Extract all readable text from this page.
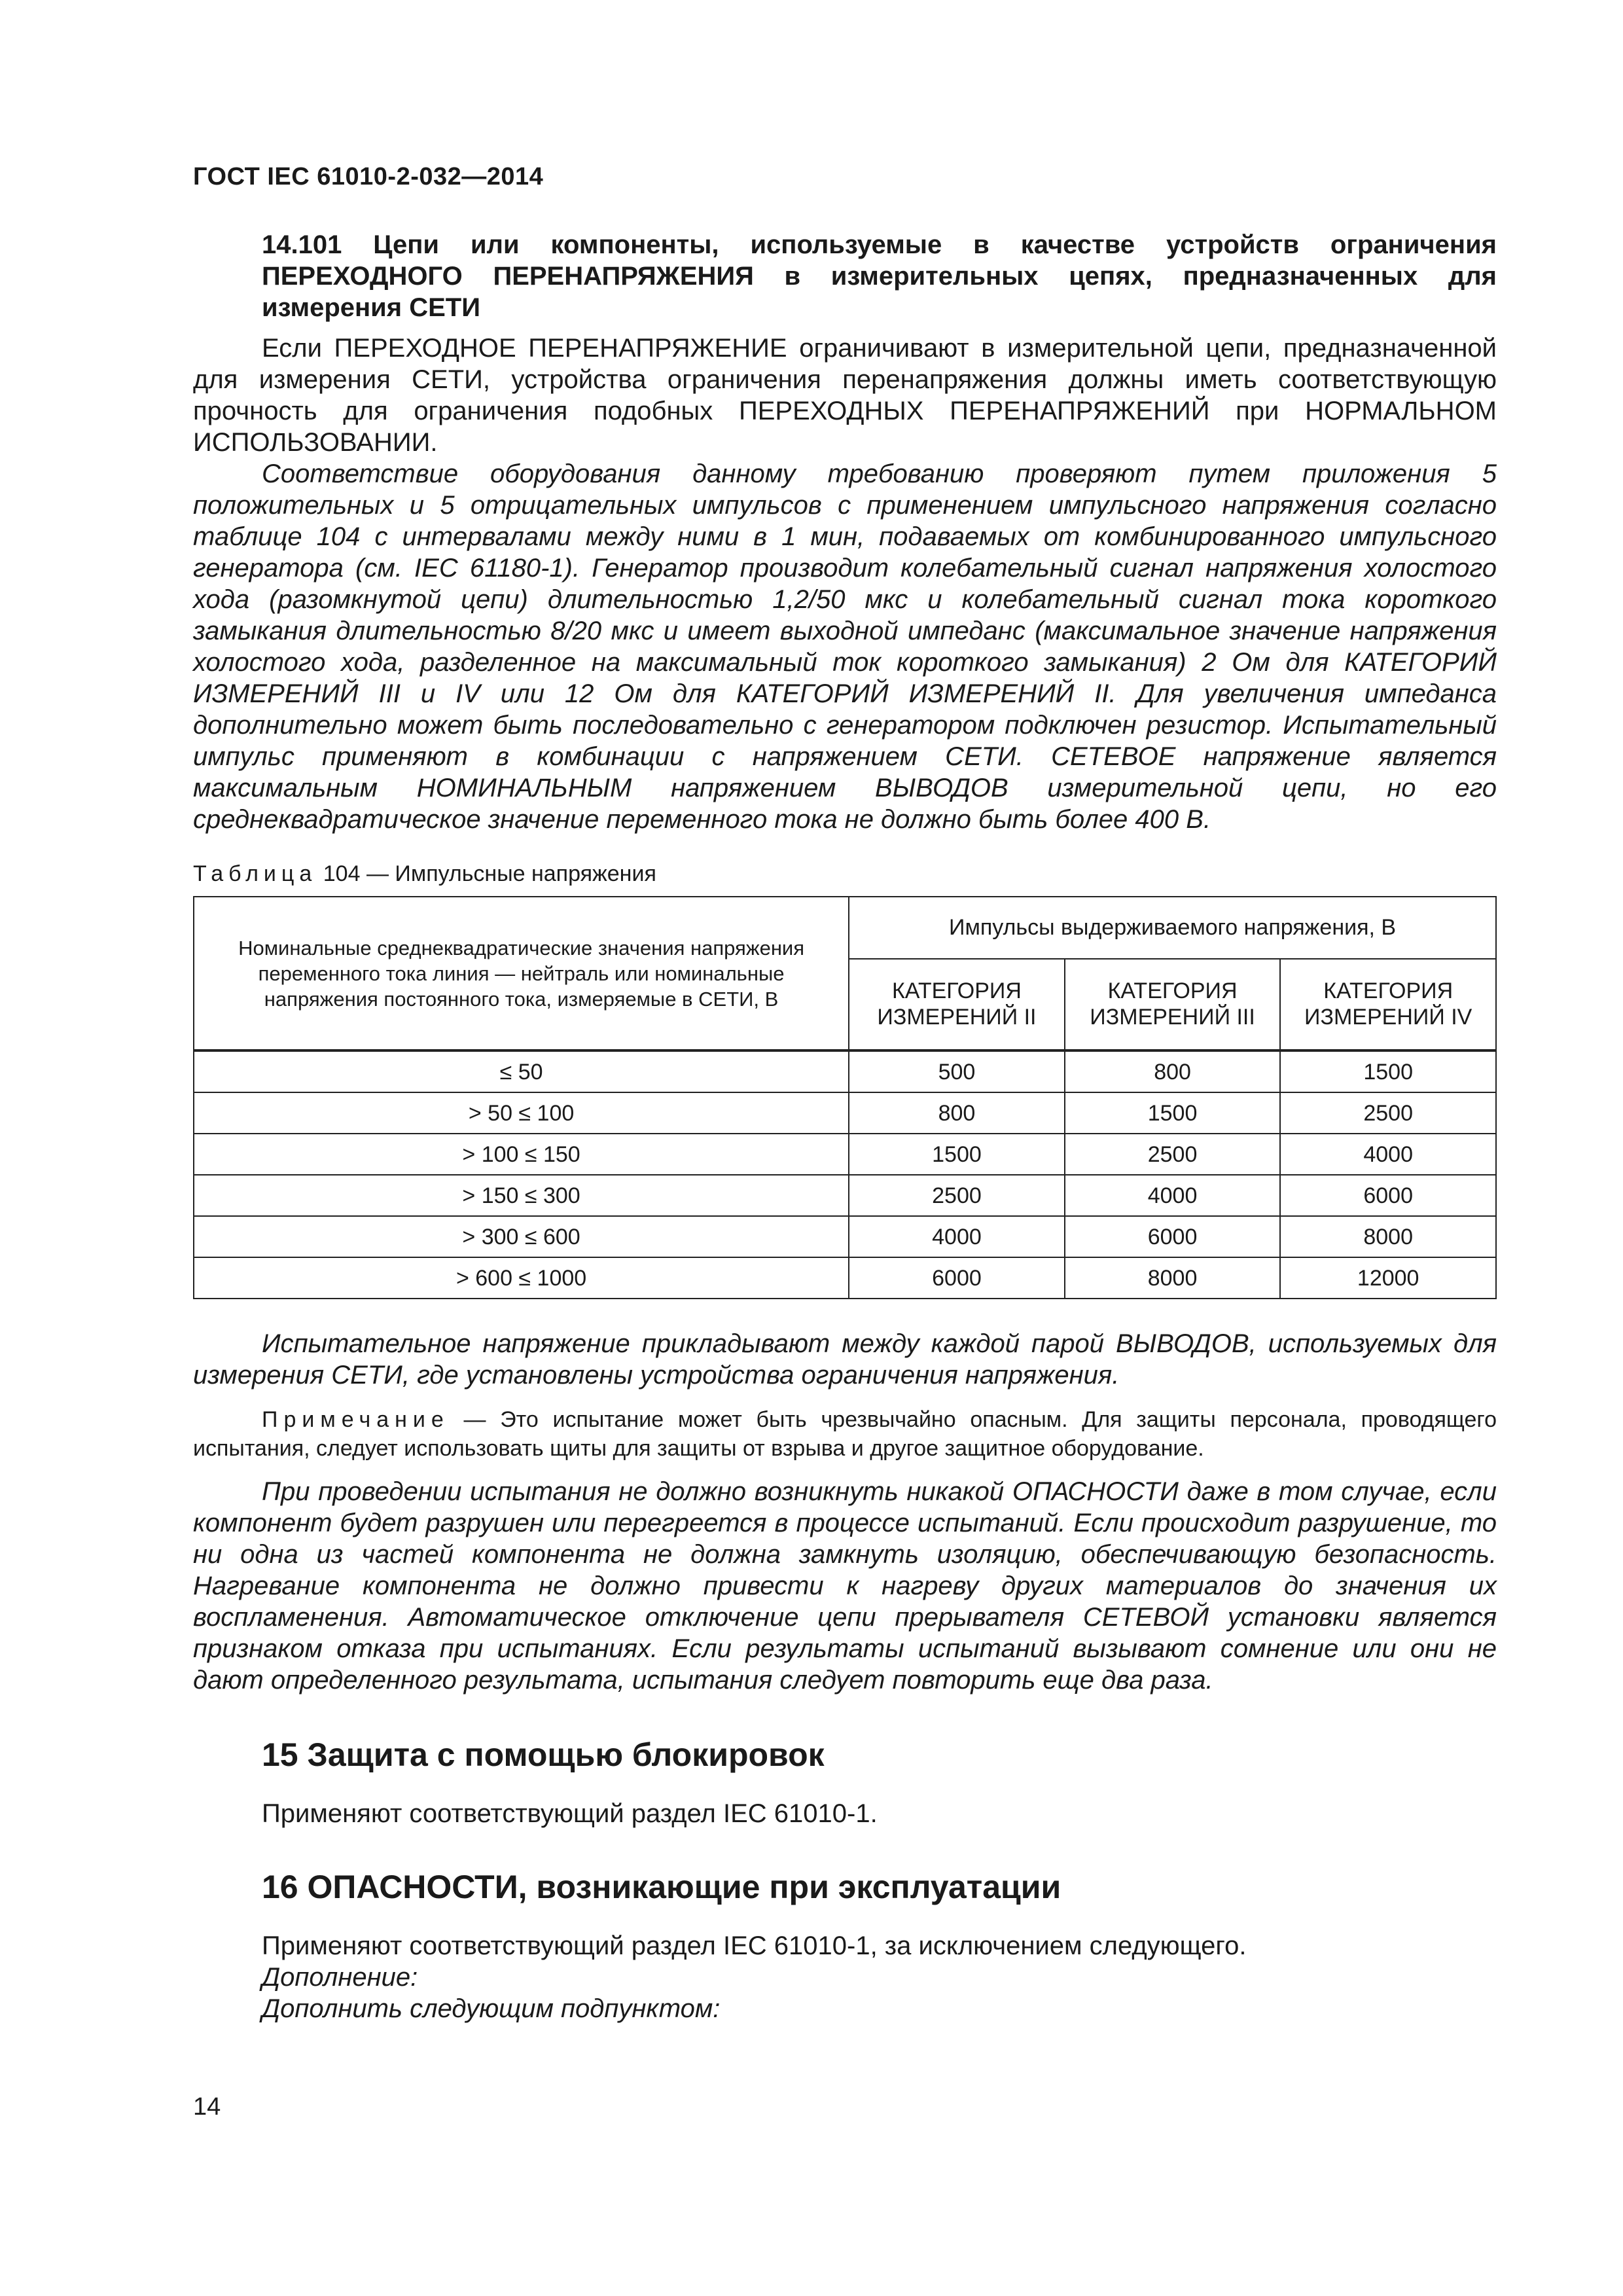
ГОСТ IEC 61010-2-032—2014

14.101 Цепи или компоненты, используемые в качестве устройств ограничения ПЕРЕХОДНОГО ПЕРЕНАПРЯЖЕНИЯ в измерительных цепях, предназначенных для измерения СЕТИ

Если ПЕРЕХОДНОЕ ПЕРЕНАПРЯЖЕНИЕ ограничивают в измерительной цепи, предназначенной для измерения СЕТИ, устройства ограничения перенапряжения должны иметь соответствующую прочность для ограничения подобных ПЕРЕХОДНЫХ ПЕРЕНАПРЯЖЕНИЙ при НОРМАЛЬНОМ ИСПОЛЬЗОВАНИИ.

Соответствие оборудования данному требованию проверяют путем приложения 5 положительных и 5 отрицательных импульсов с применением импульсного напряжения согласно таблице 104 с интервалами между ними в 1 мин, подаваемых от комбинированного импульсного генератора (см. IEC 61180-1). Генератор производит колебательный сигнал напряжения холостого хода (разомкнутой цепи) длительностью 1,2/50 мкс и колебательный сигнал тока короткого замыкания длительностью 8/20 мкс и имеет выходной импеданс (максимальное значение напряжения холостого хода, разделенное на максимальный ток короткого замыкания) 2 Ом для КАТЕГОРИЙ ИЗМЕРЕНИЙ III и IV или 12 Ом для КАТЕГОРИЙ ИЗМЕРЕНИЙ II. Для увеличения импеданса дополнительно может быть последовательно с генератором подключен резистор. Испытательный импульс применяют в комбинации с напряжением СЕТИ. СЕТЕВОЕ напряжение является максимальным НОМИНАЛЬНЫМ напряжением ВЫВОДОВ измерительной цепи, но его среднеквадратическое значение переменного тока не должно быть более 400 В.

Таблица 104 — Импульсные напряжения
Номинальные среднеквадратические значения напряжения переменного тока линия — нейтраль или номинальные напряжения постоянного тока, измеряемые в СЕТИ, В	Импульсы выдерживаемого напряжения, В		
	КАТЕГОРИЯ ИЗМЕРЕНИЙ II	КАТЕГОРИЯ ИЗМЕРЕНИЙ III	КАТЕГОРИЯ ИЗМЕРЕНИЙ IV
≤ 50	500	800	1500
> 50 ≤ 100	800	1500	2500
> 100 ≤ 150	1500	2500	4000
> 150 ≤ 300	2500	4000	6000
> 300 ≤ 600	4000	6000	8000
> 600 ≤ 1000	6000	8000	12000

Испытательное напряжение прикладывают между каждой парой ВЫВОДОВ, используемых для измерения СЕТИ, где установлены устройства ограничения напряжения.

Примечание — Это испытание может быть чрезвычайно опасным. Для защиты персонала, проводящего испытания, следует использовать щиты для защиты от взрыва и другое защитное оборудование.

При проведении испытания не должно возникнуть никакой ОПАСНОСТИ даже в том случае, если компонент будет разрушен или перегреется в процессе испытаний. Если происходит разрушение, то ни одна из частей компонента не должна замкнуть изоляцию, обеспечивающую безопасность. Нагревание компонента не должно привести к нагреву других материалов до значения их воспламенения. Автоматическое отключение цепи прерывателя СЕТЕВОЙ установки является признаком отказа при испытаниях. Если результаты испытаний вызывают сомнение или они не дают определенного результата, испытания следует повторить еще два раза.

15 Защита с помощью блокировок
Применяют соответствующий раздел IEC 61010-1.
16 ОПАСНОСТИ, возникающие при эксплуатации
Применяют соответствующий раздел IEC 61010-1, за исключением следующего.
Дополнение:
Дополнить следующим подпунктом:
14
